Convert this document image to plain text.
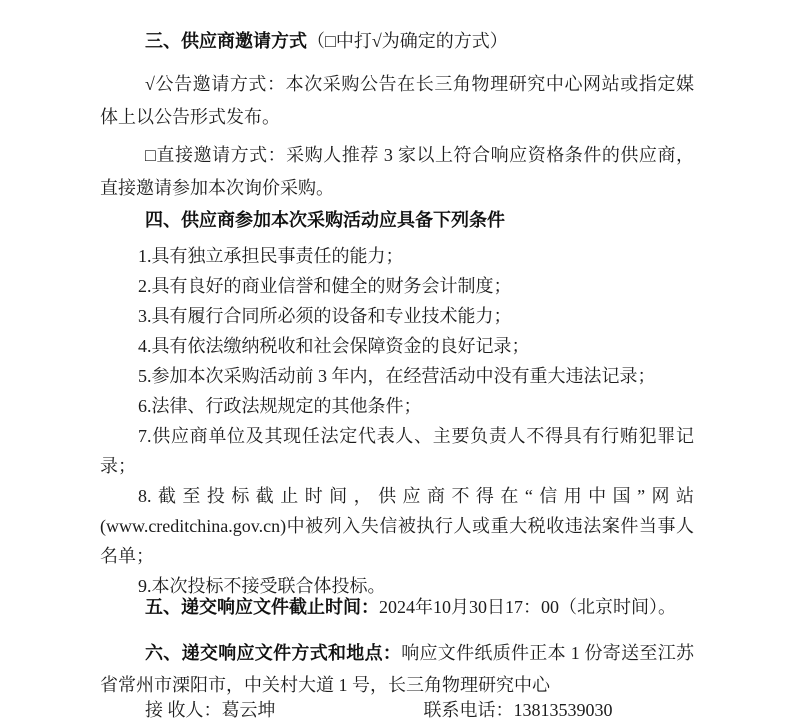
三、供应商邀请方式（□中打√为确定的方式）

√公告邀请方式：本次采购公告在长三角物理研究中心网站或指定媒体上以公告形式发布。

□直接邀请方式：采购人推荐 3 家以上符合响应资格条件的供应商，直接邀请参加本次询价采购。

四、供应商参加本次采购活动应具备下列条件

1.具有独立承担民事责任的能力；

2.具有良好的商业信誉和健全的财务会计制度；

3.具有履行合同所必须的设备和专业技术能力；

4.具有依法缴纳税收和社会保障资金的良好记录；

5.参加本次采购活动前 3 年内，在经营活动中没有重大违法记录；

6.法律、行政法规规定的其他条件；

7.供应商单位及其现任法定代表人、主要负责人不得具有行贿犯罪记录；

8.截至投标截止时间，供应商不得在“信用中国”网站(www.creditchina.gov.cn)中被列入失信被执行人或重大税收违法案件当事人名单；

9.本次投标不接受联合体投标。

五、递交响应文件截止时间：2024年10月30日17：00（北京时间）。

六、递交响应文件方式和地点：响应文件纸质件正本 1 份寄送至江苏省常州市溧阳市，中关村大道 1 号，长三角物理研究中心

接 收人：葛云坤	联系电话：13813539030
